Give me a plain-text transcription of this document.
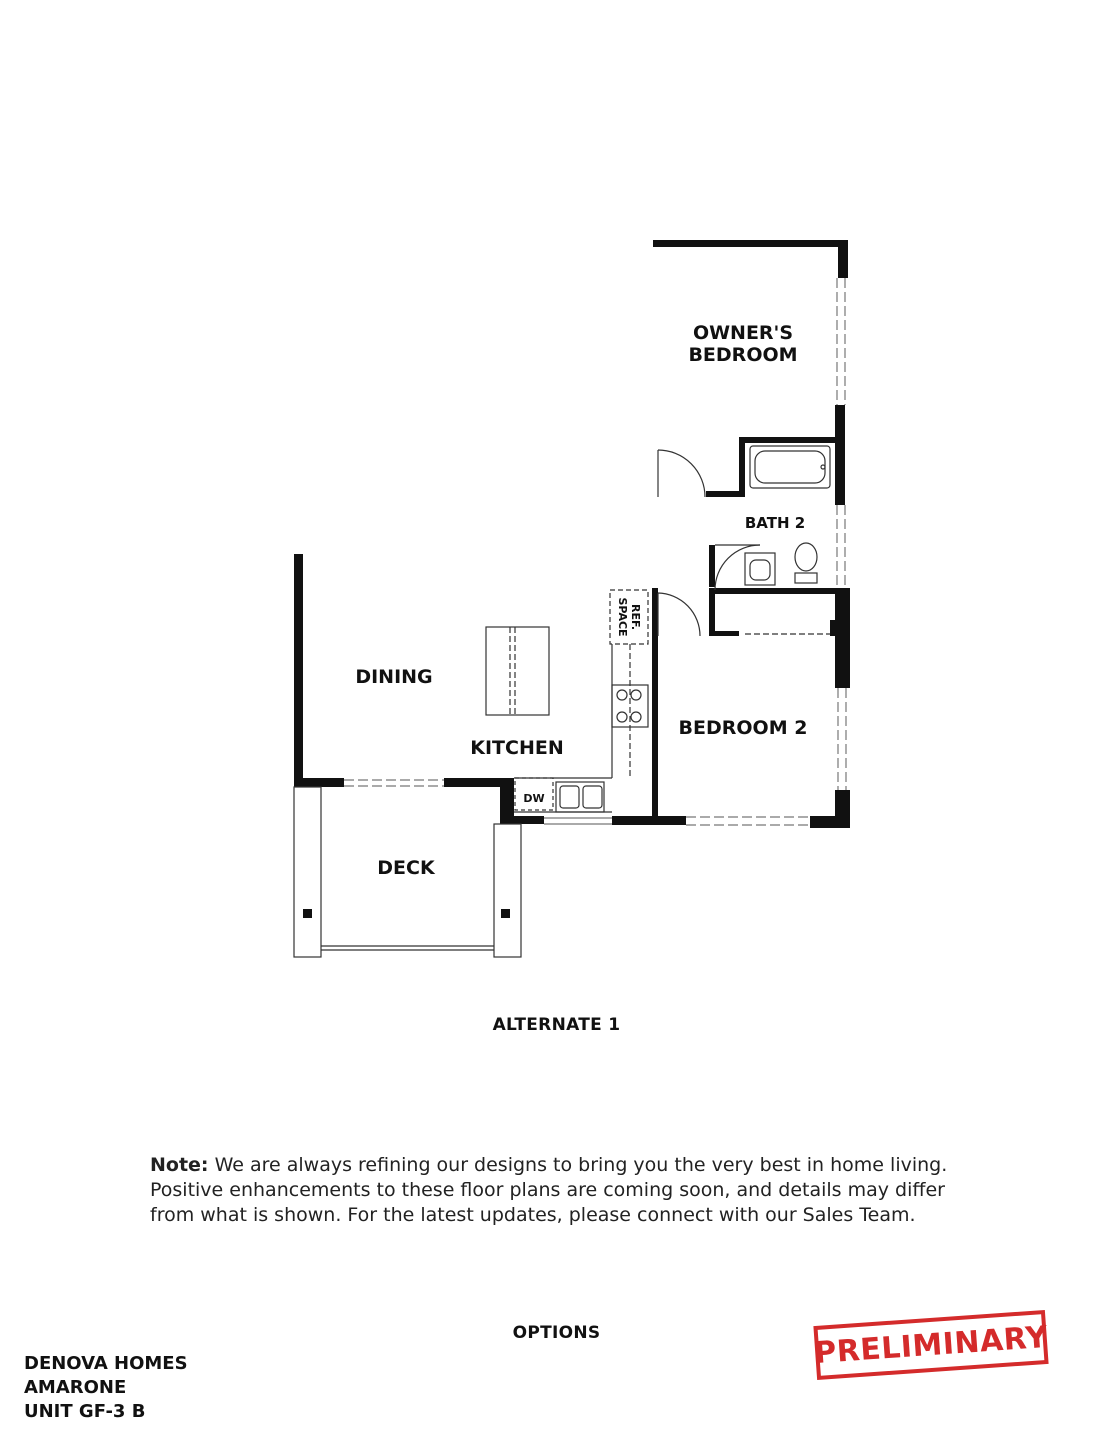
OWNER'S
BEDROOM
BATH 2
REF.
SPACE
DINING
KITCHEN
BEDROOM 2
DW
DECK
ALTERNATE 1
Note: We are always refining our designs to bring you the very best in home living. Positive enhancements to these floor plans are coming soon, and details may differ from what is shown. For the latest updates, please connect with our Sales Team.
OPTIONS
DENOVA HOMES
AMARONE
UNIT GF-3 B
PRELIMINARY
